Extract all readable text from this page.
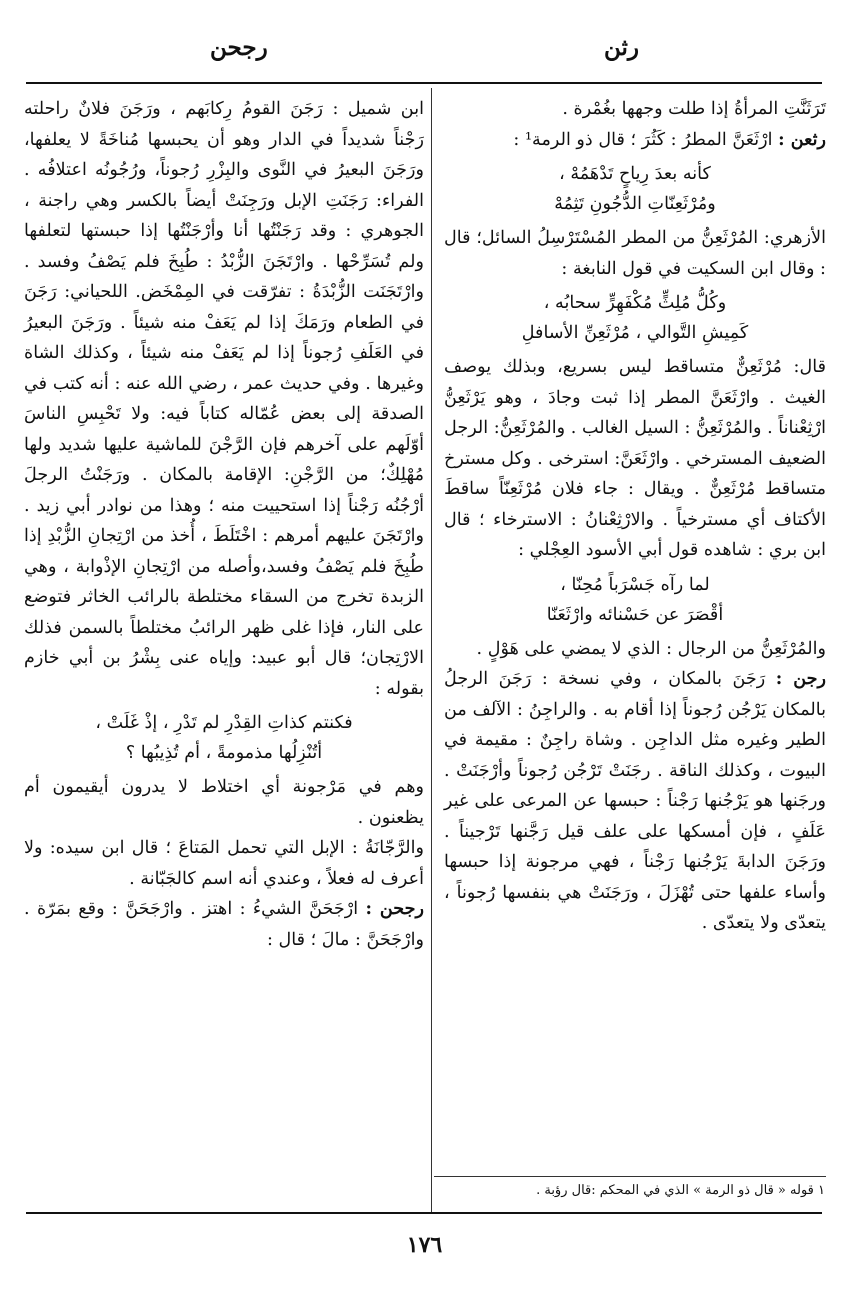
رثن
رجحن

تَرَثَنَّتِ المرأةُ إذا طلت وجهها بغُمْرة .

رثعن : ارْثَعَنَّ المطرُ : كَثُرَ ؛ قال ذو الرمة¹ :

كأنه بعدَ رِياحٍ تَدْهَمُهْ ،
ومُرْثَعِنّاتِ الدُّجُونِ تَثِمُهْ

الأزهري: المُرْثَعِنُّ من المطر المُسْتَرْسِلُ السائل؛ قال : وقال ابن السكيت في قول النابغة :

وكُلُّ مُلِثٍّ مُكْفَهِرٍّ سحابُه ،
كَمِيشِ التَّوالي ، مُرْثَعِنِّ الأسافلِ

قال: مُرْثَعِنٌّ متساقط ليس بسريع، وبذلك يوصف الغيث . وارْثَعَنَّ المطر إذا ثبت وجادَ ، وهو يَرْثَعِنُّ ارْثِعْناناً . والمُرْثَعِنُّ : السيل الغالب . والمُرْثَعِنُّ: الرجل الضعيف المسترخي . وارْثَعَنَّ: استرخى . وكل مسترخ متساقط مُرْثَعِنٌّ . ويقال : جاء فلان مُرْثَعِنّاً ساقطَ الأكتاف أي مسترخياً . والارْثِعْنانُ : الاسترخاء ؛ قال ابن بري : شاهده قول أبي الأسود العِجْلي :

لما رآه جَسْرَباً مُحِنّا ،
أقْصَرَ عن حَسْنائه وارْثَعَنّا

والمُرْثَعِنُّ من الرجال : الذي لا يمضي على هَوْلٍ .

رجن : رَجَنَ بالمكان ، وفي نسخة : رَجَنَ الرجلُ بالمكان يَرْجُن رُجوناً إذا أقام به . والراجِنُ : الآلف من الطير وغيره مثل الداجِن . وشاة راجِنٌ : مقيمة في البيوت ، وكذلك الناقة . رجَنَتْ تَرْجُن رُجوناً وأرْجَنَتْ . ورجَنها هو يَرْجُنها رَجْناً : حبسها عن المرعى على غير عَلَفٍ ، فإن أمسكها على علف قيل رَجَّنها تَرْجيناً . ورَجَنَ الدابةَ يَرْجُنها رَجْناً ، فهي مرجونة إذا حبسها وأساء علفها حتى تُهْزَلَ ، ورَجَنَتْ هي بنفسها رُجوناً ، يتعدّى ولا يتعدّى .

١ قوله « قال ذو الرمة » الذي في المحكم :قال رؤبة .

ابن شميل : رَجَنَ القومُ رِكابَهم ، ورَجَنَ فلانٌ راحلته رَجْناً شديداً في الدار وهو أن يحبسها مُناخَةً لا يعلفها، ورَجَنَ البعيرُ في النَّوى والبِزْرِ رُجوناً، ورُجُونُه اعتلافُه . الفراء: رَجَنَتِ الإبل ورَجِنَتْ أيضاً بالكسر وهي راجنة ، الجوهري : وقد رَجَنْتُها أنا وأرْجَنْتُها إذا حبستها لتعلفها ولم تُسَرِّحْها . وارْتَجَنَ الزُّبْدُ : طُبِخَ فلم يَصْفُ وفسد . وارْتَجَنَت الزُّبْدَةُ : تفرّقت في المِمْخَض. اللحياني: رَجَنَ في الطعام ورَمَكَ إذا لم يَعَفْ منه شيئاً . ورَجَنَ البعيرُ في العَلَفِ رُجوناً إذا لم يَعَفْ منه شيئاً ، وكذلك الشاة وغيرها . وفي حديث عمر ، رضي الله عنه : أنه كتب في الصدقة إلى بعض عُمّاله كتاباً فيه: ولا تَحْبِسِ الناسَ أوّلَهم على آخرهم فإن الرَّجْنَ للماشية عليها شديد ولها مُهْلِكٌ؛ من الرَّجْنِ: الإقامة بالمكان . ورَجَنْتُ الرجلَ أرْجُنُه رَجْناً إذا استحييت منه ؛ وهذا من نوادر أبي زيد . وارْتَجَنَ عليهم أمرهم : اخْتَلَطَ ، أُخذ من ارْتِجانِ الزُّبْدِ إذا طُبِخَ فلم يَصْفُ وفسد،وأصله من ارْتِجانِ الإذْوابة ، وهي الزبدة تخرج من السقاء مختلطة بالرائب الخاثر فتوضع على النار، فإذا غلى ظهر الرائبُ مختلطاً بالسمن فذلك الارْتِجان؛ قال أبو عبيد: وإياه عنى بِشْرُ بن أبي خازم بقوله :

فكنتم كذاتِ القِدْرِ لم تَدْرِ ، إذْ غَلَتْ ،
أتُنْزِلُها مذمومةً ، أم تُذِيبُها ؟

وهم في مَرْجونة أي اختلاط لا يدرون أيقيمون أم يظعنون .

والرَّجّانَةُ : الإبل التي تحمل المَتاعَ ؛ قال ابن سيده: ولا أعرف له فعلاً ، وعندي أنه اسم كالجَبّانة .

رجحن : ارْجَحَنَّ الشيءُ : اهتز . وارْجَحَنَّ : وقع بمَرّة . وارْجَحَنَّ : مالَ ؛ قال :

١٧٦
